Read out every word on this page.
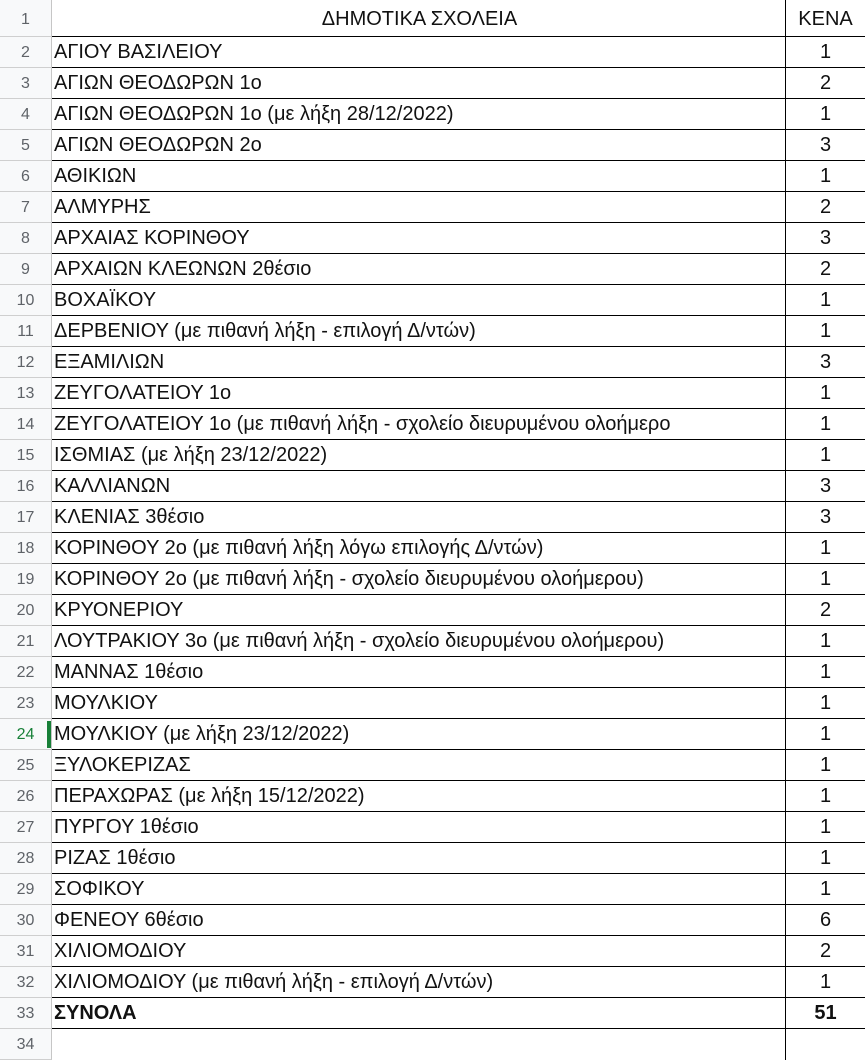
1	ΔΗΜΟΤΙΚΑ ΣΧΟΛΕΙΑ	ΚΕΝΑ
2	ΑΓΙΟΥ ΒΑΣΙΛΕΙΟΥ	1
3	ΑΓΙΩΝ ΘΕΟΔΩΡΩΝ 1ο	2
4	ΑΓΙΩΝ ΘΕΟΔΩΡΩΝ 1ο (με λήξη 28/12/2022)	1
5	ΑΓΙΩΝ ΘΕΟΔΩΡΩΝ 2ο	3
6	ΑΘΙΚΙΩΝ	1
7	ΑΛΜΥΡΗΣ	2
8	ΑΡΧΑΙΑΣ ΚΟΡΙΝΘΟΥ	3
9	ΑΡΧΑΙΩΝ ΚΛΕΩΝΩΝ 2θέσιο	2
10 ΒΟΧΑΪΚΟΥ	1
11	ΔΕΡΒΕΝΙΟΥ (με πιθανή λήξη - επιλογή Δ/ντών)	1
12 ΕΞΑΜΙΛΙΩΝ	3
13 ΖΕΥΓΟΛΑΤΕΙΟΥ 1ο	1
14 ΖΕΥΓΟΛΑΤΕΙΟΥ 1ο (με πιθανή λήξη - σχολείο διευρυμένου ολοήμερο	1
15 ΙΣΘΜΙΑΣ (με λήξη 23/12/2022)	1
16 ΚΑΛΛΙΑΝΩΝ	3
17 ΚΛΕΝΙΑΣ 3θέσιο	3
18 ΚΟΡΙΝΘΟΥ 2ο (με πιθανή λήξη λόγω επιλογής Δ/ντών)	1
19 ΚΟΡΙΝΘΟΥ 2ο (με πιθανή λήξη - σχολείο διευρυμένου ολοήμερου)	1
20 ΚΡΥΟΝΕΡΙΟΥ	2
21 ΛΟΥΤΡΑΚΙΟΥ 3ο (με πιθανή λήξη - σχολείο διευρυμένου ολοήμερου)	1
22 ΜΑΝΝΑΣ 1θέσιο	1
23 ΜΟΥΛΚΙΟΥ	1
24 ΜΟΥΛΚΙΟΥ (με λήξη 23/12/2022)	1
25 ΞΥΛΟΚΕΡΙΖΑΣ	1
26 ΠΕΡΑΧΩΡΑΣ (με λήξη 15/12/2022)	1
27 ΠΥΡΓΟΥ 1θέσιο	1
28 ΡΙΖΑΣ 1θέσιο	1
29 ΣΟΦΙΚΟΥ	1
30 ΦΕΝΕΟΥ 6θέσιο	6
31 ΧΙΛΙΟΜΟΔΙΟΥ	2
32 ΧΙΛΙΟΜΟΔΙΟΥ (με πιθανή λήξη - επιλογή Δ/ντών)	1
33 ΣΥΝΟΛΑ	51
34
